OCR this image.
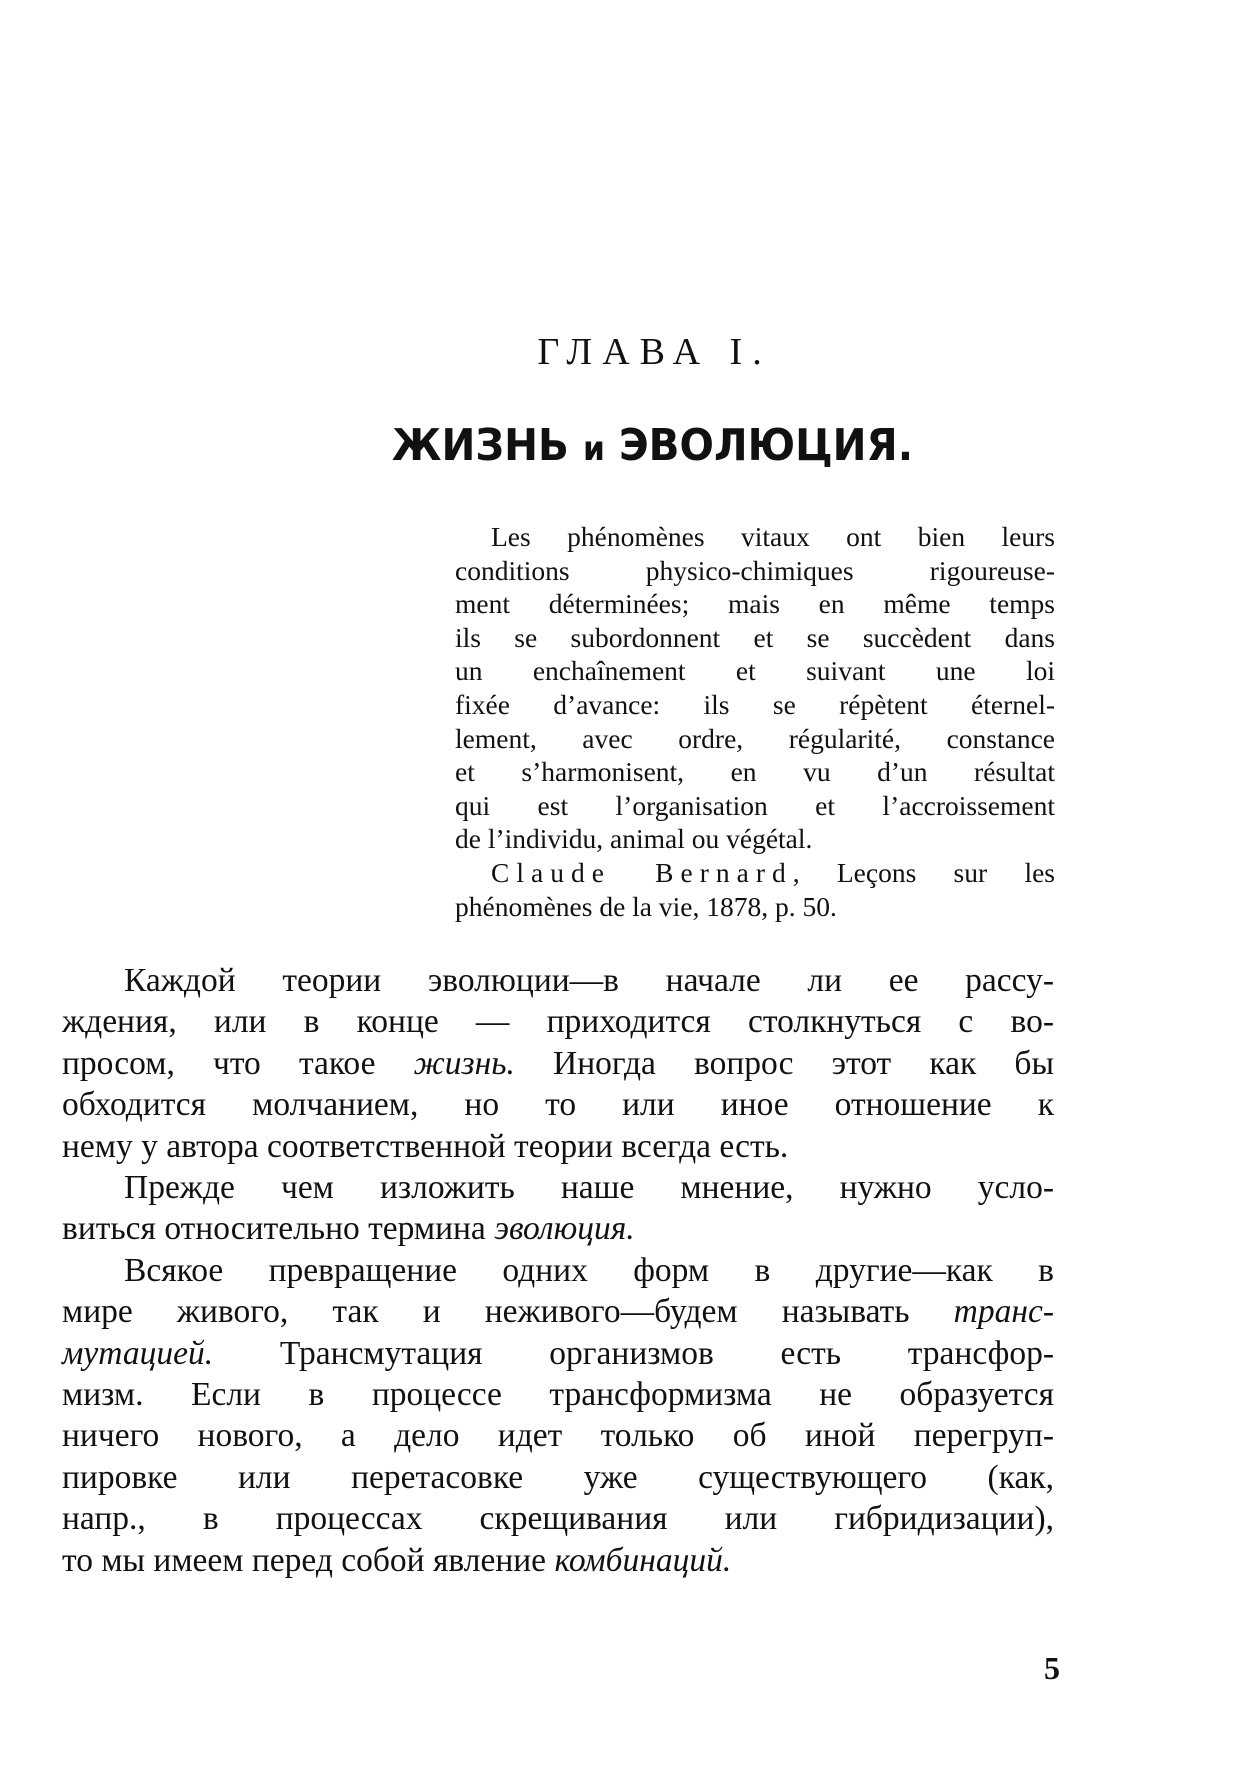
ГЛАВА I.
ЖИЗНЬ и ЭВОЛЮЦИЯ.
Les phénomènes vitaux ont bien leurs
conditions physico-chimiques rigoureuse-
ment déterminées; mais en même temps
ils se subordonnent et se succèdent dans
un enchaînement et suivant une loi
fixée d’avance: ils se répètent éternel-
lement, avec ordre, régularité, constance
et s’harmonisent, en vu d’un résultat
qui est l’organisation et l’accroissement
de l’individu, animal ou végétal.
Claude Bernard, Leçons sur les
phénomènes de la vie, 1878, p. 50.
Каждой теории эволюции—в начале ли ее рассу-
ждения, или в конце — приходится столкнуться с во-
просом, что такое жизнь. Иногда вопрос этот как бы
обходится молчанием, но то или иное отношение к
нему у автора соответственной теории всегда есть.
Прежде чем изложить наше мнение, нужно усло-
виться относительно термина эволюция.
Всякое превращение одних форм в другие—как в
мире живого, так и неживого—будем называть транс-
мутацией. Трансмутация организмов есть трансфор-
мизм. Если в процессе трансформизма не образуется
ничего нового, а дело идет только об иной перегруп-
пировке или перетасовке уже существующего (как,
напр., в процессах скрещивания или гибридизации),
то мы имеем перед собой явление комбинаций.
5
